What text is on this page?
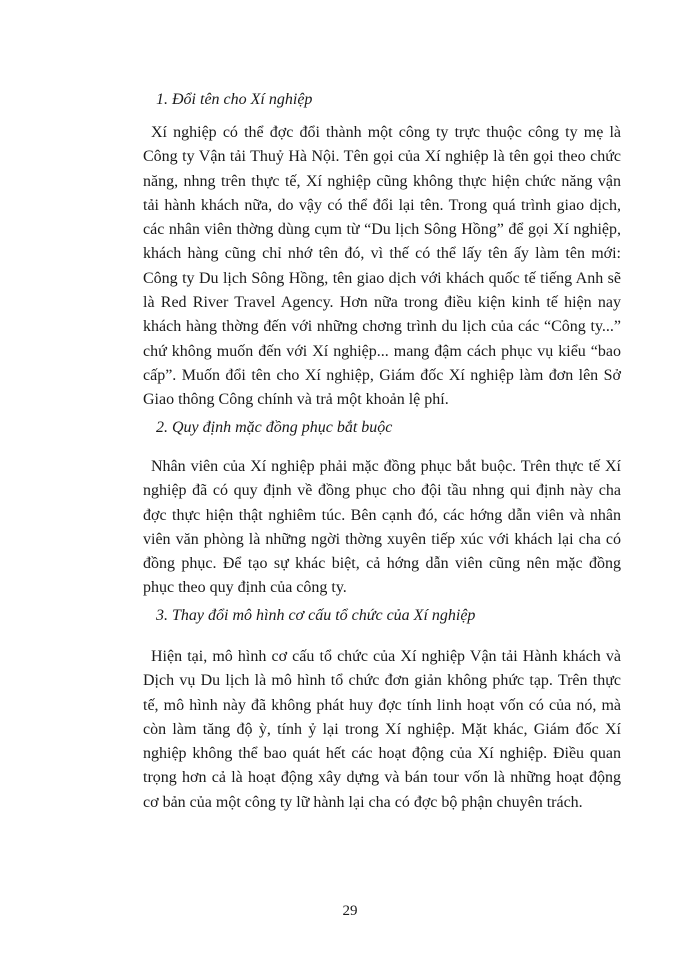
1. Đổi tên cho Xí nghiệp

Xí nghiệp có thể đợc đổi thành một công ty trực thuộc công ty mẹ là Công ty Vận tải Thuỷ Hà Nội. Tên gọi của Xí nghiệp là tên gọi theo chức năng, nhng trên thực tế, Xí nghiệp cũng không thực hiện chức năng vận tải hành khách nữa, do vậy có thể đổi lại tên. Trong quá trình giao dịch, các nhân viên thờng dùng cụm từ “Du lịch Sông Hồng” để gọi Xí nghiệp, khách hàng cũng chỉ nhớ tên đó, vì thế có thể lấy tên ấy làm tên mới: Công ty Du lịch Sông Hồng, tên giao dịch với khách quốc tế tiếng Anh sẽ là Red River Travel Agency. Hơn nữa trong điều kiện kinh tế hiện nay khách hàng thờng đến với những chơng trình du lịch của các “Công ty...” chứ không muốn đến với Xí nghiệp... mang đậm cách phục vụ kiểu “bao cấp”. Muốn đổi tên cho Xí nghiệp, Giám đốc Xí nghiệp làm đơn lên Sở Giao thông Công chính và trả một khoản lệ phí.

2. Quy định mặc đồng phục bắt buộc

Nhân viên của Xí nghiệp phải mặc đồng phục bắt buộc. Trên thực tế Xí nghiệp đã có quy định về đồng phục cho đội tầu nhng qui định này cha đợc thực hiện thật nghiêm túc. Bên cạnh đó, các hớng dẫn viên và nhân viên văn phòng là những ngời thờng xuyên tiếp xúc với khách lại cha có đồng phục. Để tạo sự khác biệt, cả hớng dẫn viên cũng nên mặc đồng phục theo quy định của công ty.

3. Thay đổi mô hình cơ cấu tổ chức của Xí nghiệp

Hiện tại, mô hình cơ cấu tổ chức của Xí nghiệp Vận tải Hành khách và Dịch vụ Du lịch là mô hình tổ chức đơn giản không phức tạp. Trên thực tế, mô hình này đã không phát huy đợc tính linh hoạt vốn có của nó, mà còn làm tăng độ ỳ, tính ỷ lại trong Xí nghiệp. Mặt khác, Giám đốc Xí nghiệp không thể bao quát hết các hoạt động của Xí nghiệp. Điều quan trọng hơn cả là hoạt động xây dựng và bán tour vốn là những hoạt động cơ bản của một công ty lữ hành lại cha có đợc bộ phận chuyên trách.

29
